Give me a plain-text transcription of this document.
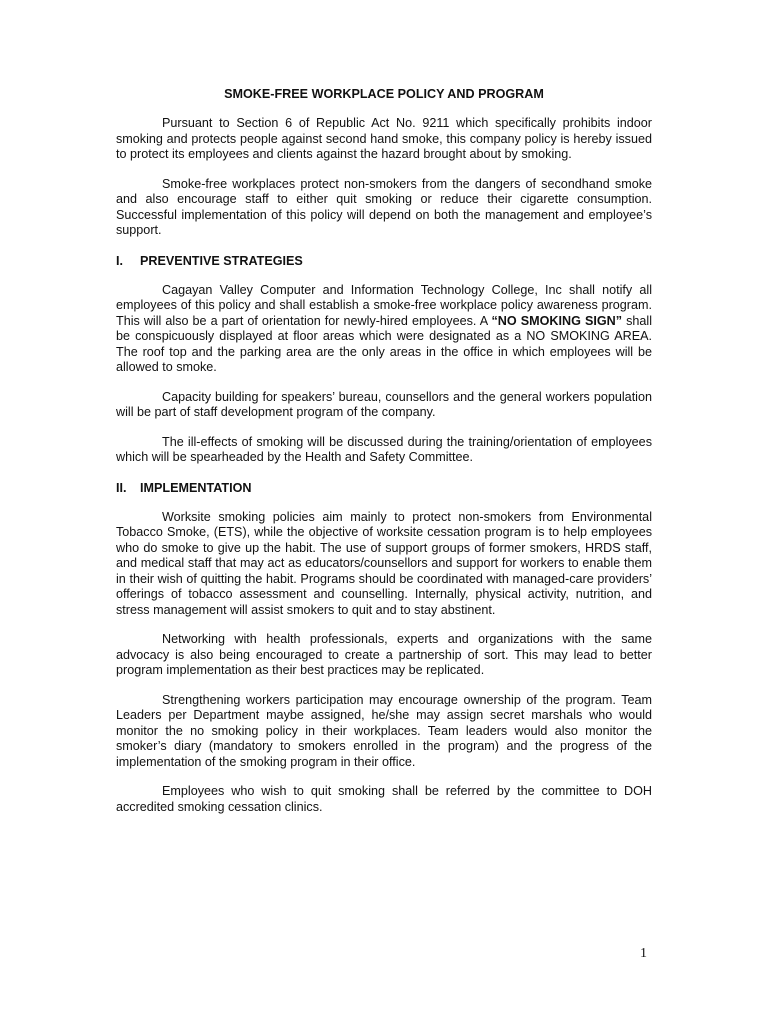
SMOKE-FREE WORKPLACE POLICY AND PROGRAM

Pursuant to Section 6 of Republic Act No. 9211 which specifically prohibits indoor smoking and protects people against second hand smoke, this company policy is hereby issued to protect its employees and clients against the hazard brought about by smoking.

Smoke-free workplaces protect non-smokers from the dangers of secondhand smoke and also encourage staff to either quit smoking or reduce their cigarette consumption. Successful implementation of this policy will depend on both the management and employee’s support.

I. PREVENTIVE STRATEGIES

Cagayan Valley Computer and Information Technology College, Inc shall notify all employees of this policy and shall establish a smoke-free workplace policy awareness program. This will also be a part of orientation for newly-hired employees. A “NO SMOKING SIGN” shall be conspicuously displayed at floor areas which were designated as a NO SMOKING AREA. The roof top and the parking area are the only areas in the office in which employees will be allowed to smoke.

Capacity building for speakers’ bureau, counsellors and the general workers population will be part of staff development program of the company.

The ill-effects of smoking will be discussed during the training/orientation of employees which will be spearheaded by the Health and Safety Committee.

II. IMPLEMENTATION

Worksite smoking policies aim mainly to protect non-smokers from Environmental Tobacco Smoke, (ETS), while the objective of worksite cessation program is to help employees who do smoke to give up the habit. The use of support groups of former smokers, HRDS staff, and medical staff that may act as educators/counsellors and support for workers to enable them in their wish of quitting the habit. Programs should be coordinated with managed-care providers’ offerings of tobacco assessment and counselling. Internally, physical activity, nutrition, and stress management will assist smokers to quit and to stay abstinent.

Networking with health professionals, experts and organizations with the same advocacy is also being encouraged to create a partnership of sort. This may lead to better program implementation as their best practices may be replicated.

Strengthening workers participation may encourage ownership of the program. Team Leaders per Department maybe assigned, he/she may assign secret marshals who would monitor the no smoking policy in their workplaces. Team leaders would also monitor the smoker’s diary (mandatory to smokers enrolled in the program) and the progress of the implementation of the smoking program in their office.

Employees who wish to quit smoking shall be referred by the committee to DOH accredited smoking cessation clinics.

1
